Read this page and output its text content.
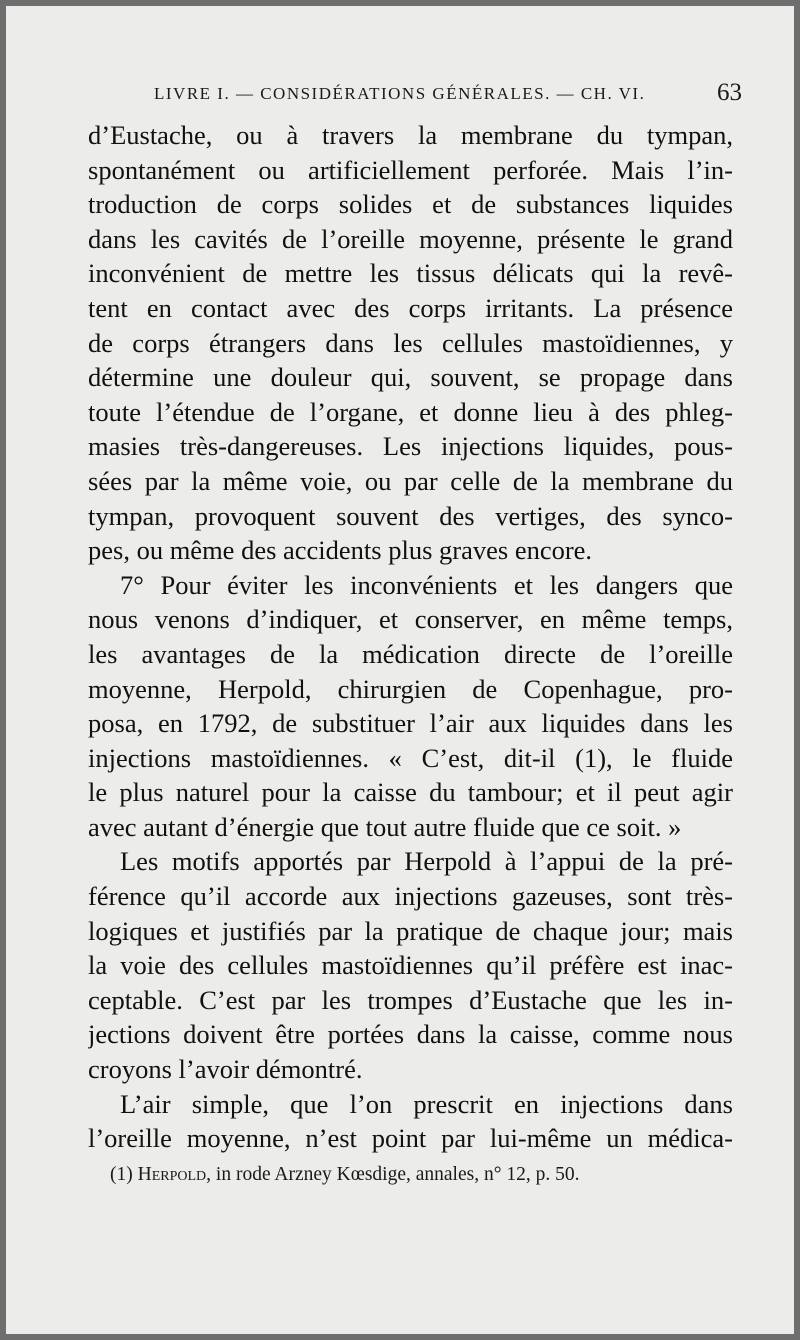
LIVRE I. — CONSIDÉRATIONS GÉNÉRALES. — CH. VI.	63
d’Eustache, ou à travers la membrane du tympan,
spontanément ou artificiellement perforée. Mais l’in-
troduction de corps solides et de substances liquides
dans les cavités de l’oreille moyenne, présente le grand
inconvénient de mettre les tissus délicats qui la revê-
tent en contact avec des corps irritants. La présence
de corps étrangers dans les cellules mastoïdiennes, y
détermine une douleur qui, souvent, se propage dans
toute l’étendue de l’organe, et donne lieu à des phleg-
masies très-dangereuses. Les injections liquides, pous-
sées par la même voie, ou par celle de la membrane du
tympan, provoquent souvent des vertiges, des synco-
pes, ou même des accidents plus graves encore.
7° Pour éviter les inconvénients et les dangers que
nous venons d’indiquer, et conserver, en même temps,
les avantages de la médication directe de l’oreille
moyenne, Herpold, chirurgien de Copenhague, pro-
posa, en 1792, de substituer l’air aux liquides dans les
injections mastoïdiennes. « C’est, dit-il (1), le fluide
le plus naturel pour la caisse du tambour; et il peut agir
avec autant d’énergie que tout autre fluide que ce soit. »
Les motifs apportés par Herpold à l’appui de la pré-
férence qu’il accorde aux injections gazeuses, sont très-
logiques et justifiés par la pratique de chaque jour; mais
la voie des cellules mastoïdiennes qu’il préfère est inac-
ceptable. C’est par les trompes d’Eustache que les in-
jections doivent être portées dans la caisse, comme nous
croyons l’avoir démontré.
L’air simple, que l’on prescrit en injections dans
l’oreille moyenne, n’est point par lui-même un médica-
(1) Herpold, in rode Arzney Kœsdige, annales, n° 12, p. 50.
